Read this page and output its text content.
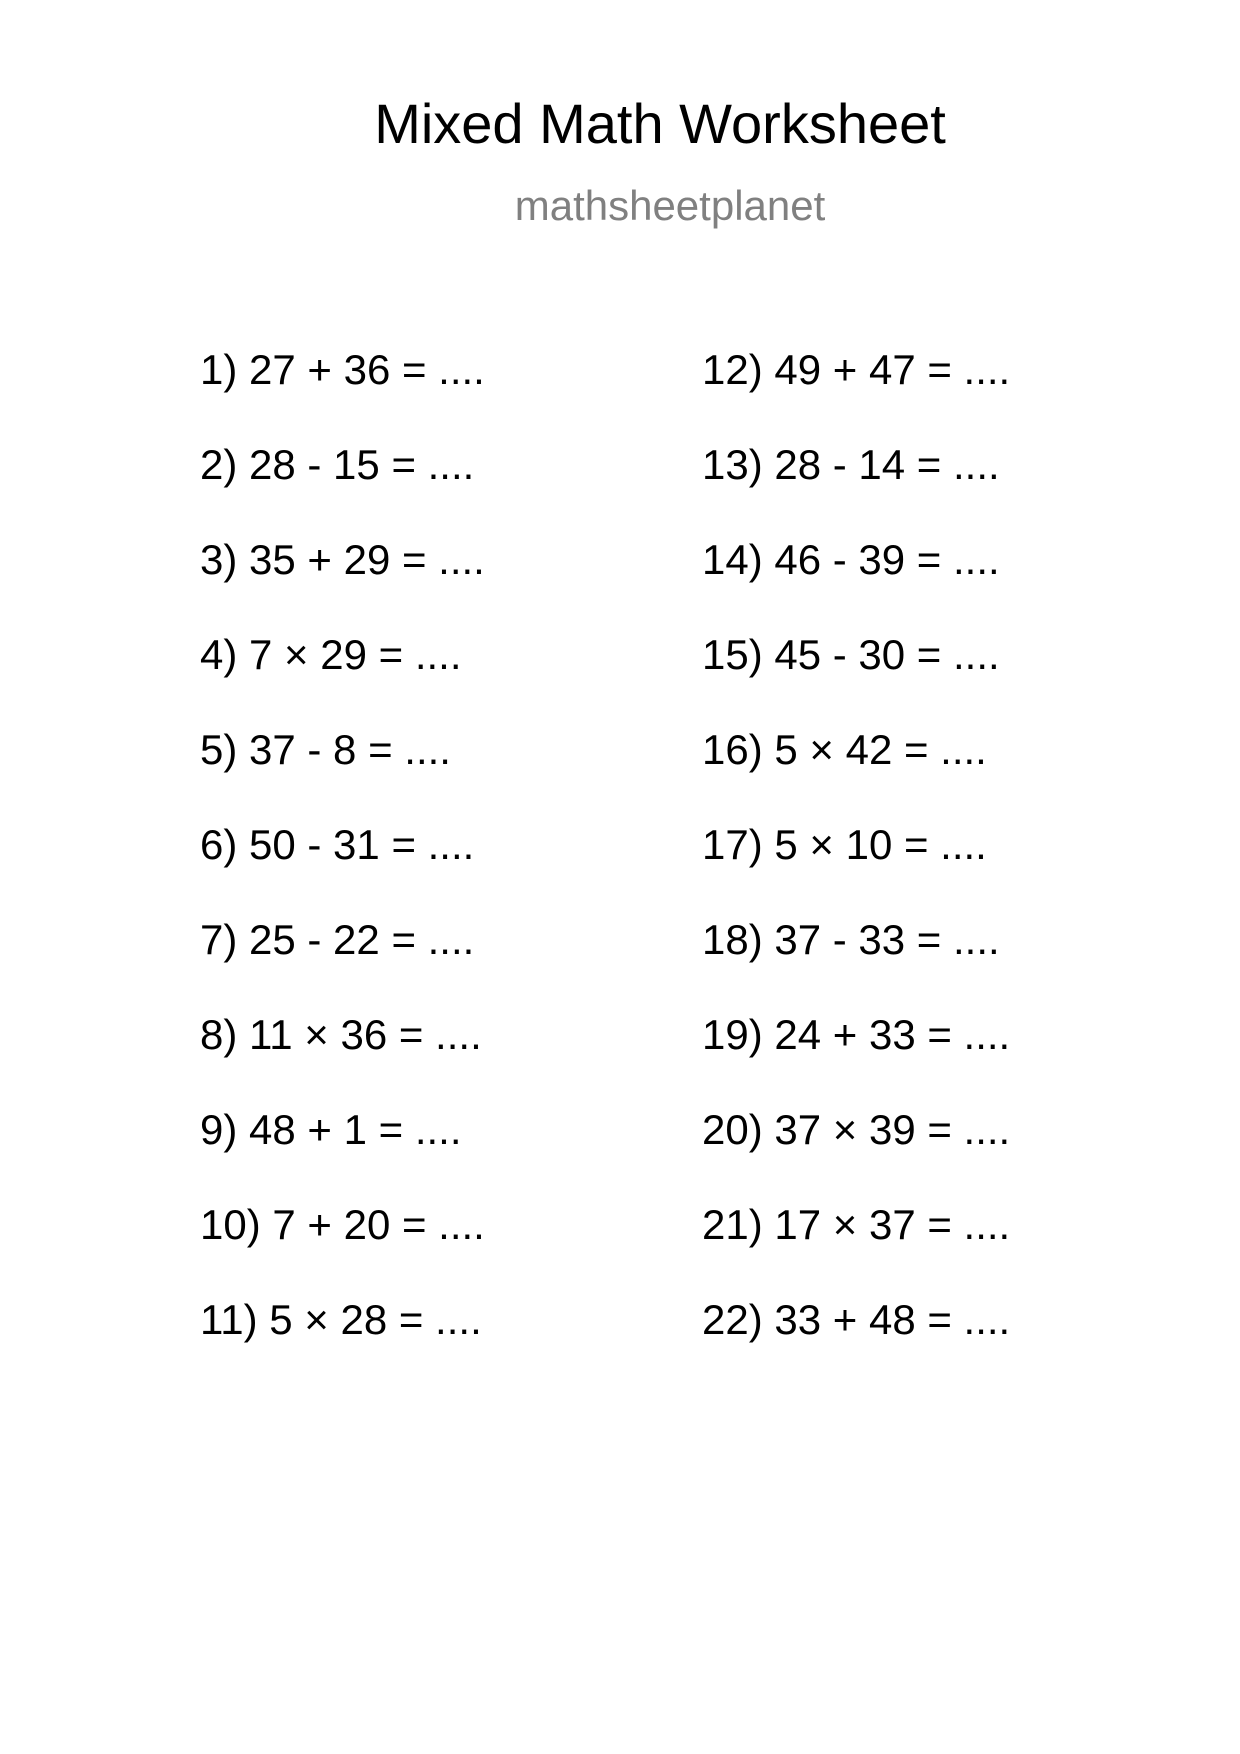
Mixed Math Worksheet
mathsheetplanet
1) 27 + 36 = ....
2) 28 - 15 = ....
3) 35 + 29 = ....
4) 7 × 29 = ....
5) 37 - 8 = ....
6) 50 - 31 = ....
7) 25 - 22 = ....
8) 11 × 36 = ....
9) 48 + 1 = ....
10) 7 + 20 = ....
11) 5 × 28 = ....
12) 49 + 47 = ....
13) 28 - 14 = ....
14) 46 - 39 = ....
15) 45 - 30 = ....
16) 5 × 42 = ....
17) 5 × 10 = ....
18) 37 - 33 = ....
19) 24 + 33 = ....
20) 37 × 39 = ....
21) 17 × 37 = ....
22) 33 + 48 = ....
